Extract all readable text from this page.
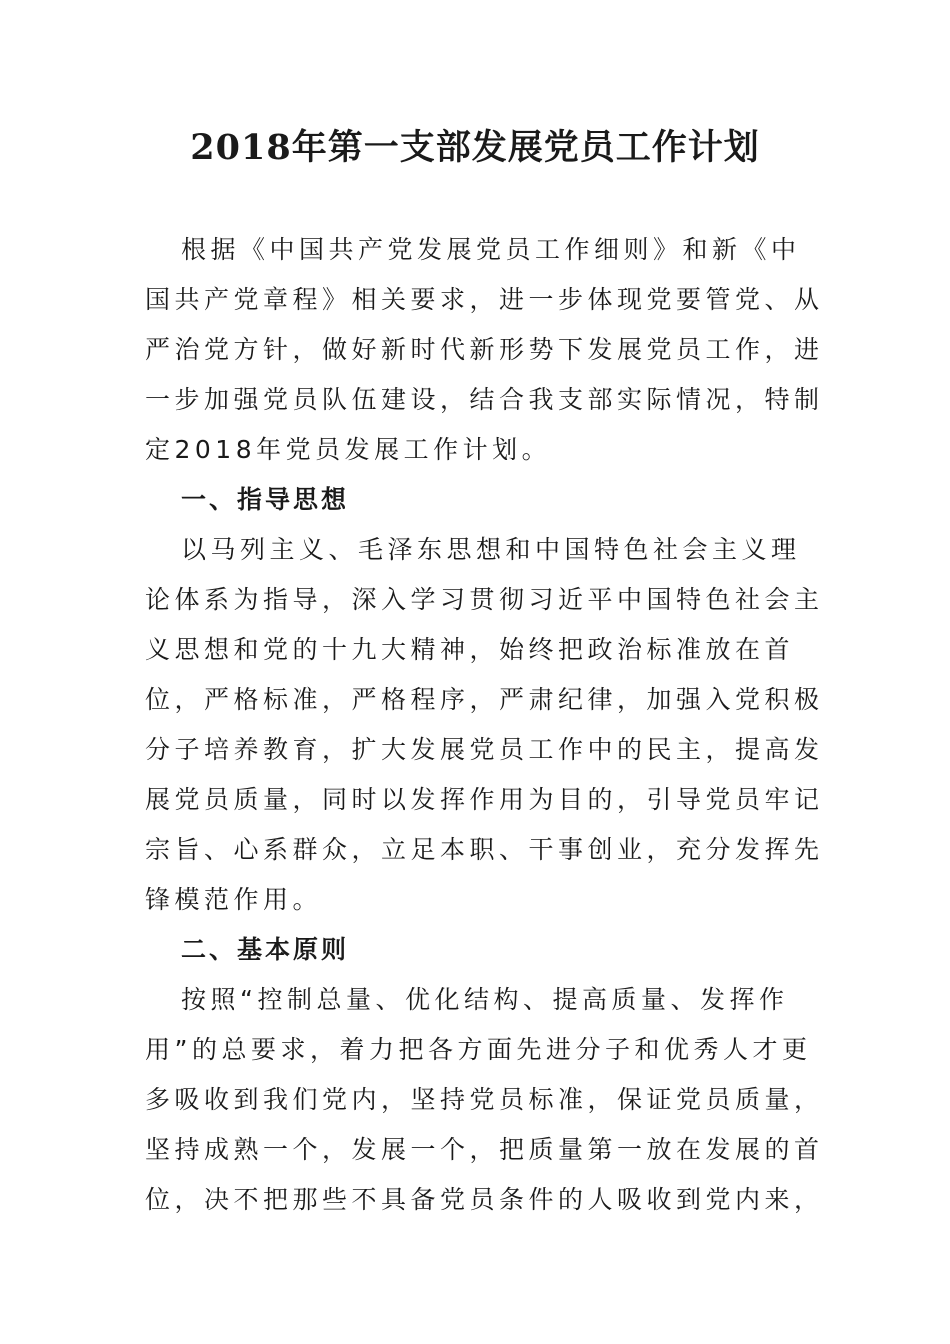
2018年第一支部发展党员工作计划

根据《中国共产党发展党员工作细则》和新《中国共产党章程》相关要求，进一步体现党要管党、从严治党方针，做好新时代新形势下发展党员工作，进一步加强党员队伍建设，结合我支部实际情况，特制定2018年党员发展工作计划。

一、指导思想

以马列主义、毛泽东思想和中国特色社会主义理论体系为指导，深入学习贯彻习近平中国特色社会主义思想和党的十九大精神，始终把政治标准放在首位，严格标准，严格程序，严肃纪律，加强入党积极分子培养教育，扩大发展党员工作中的民主，提高发展党员质量，同时以发挥作用为目的，引导党员牢记宗旨、心系群众，立足本职、干事创业，充分发挥先锋模范作用。

二、基本原则

按照“控制总量、优化结构、提高质量、发挥作用”的总要求，着力把各方面先进分子和优秀人才更多吸收到我们党内，坚持党员标准，保证党员质量，坚持成熟一个，发展一个，把质量第一放在发展的首位，决不把那些不具备党员条件的人吸收到党内来，
